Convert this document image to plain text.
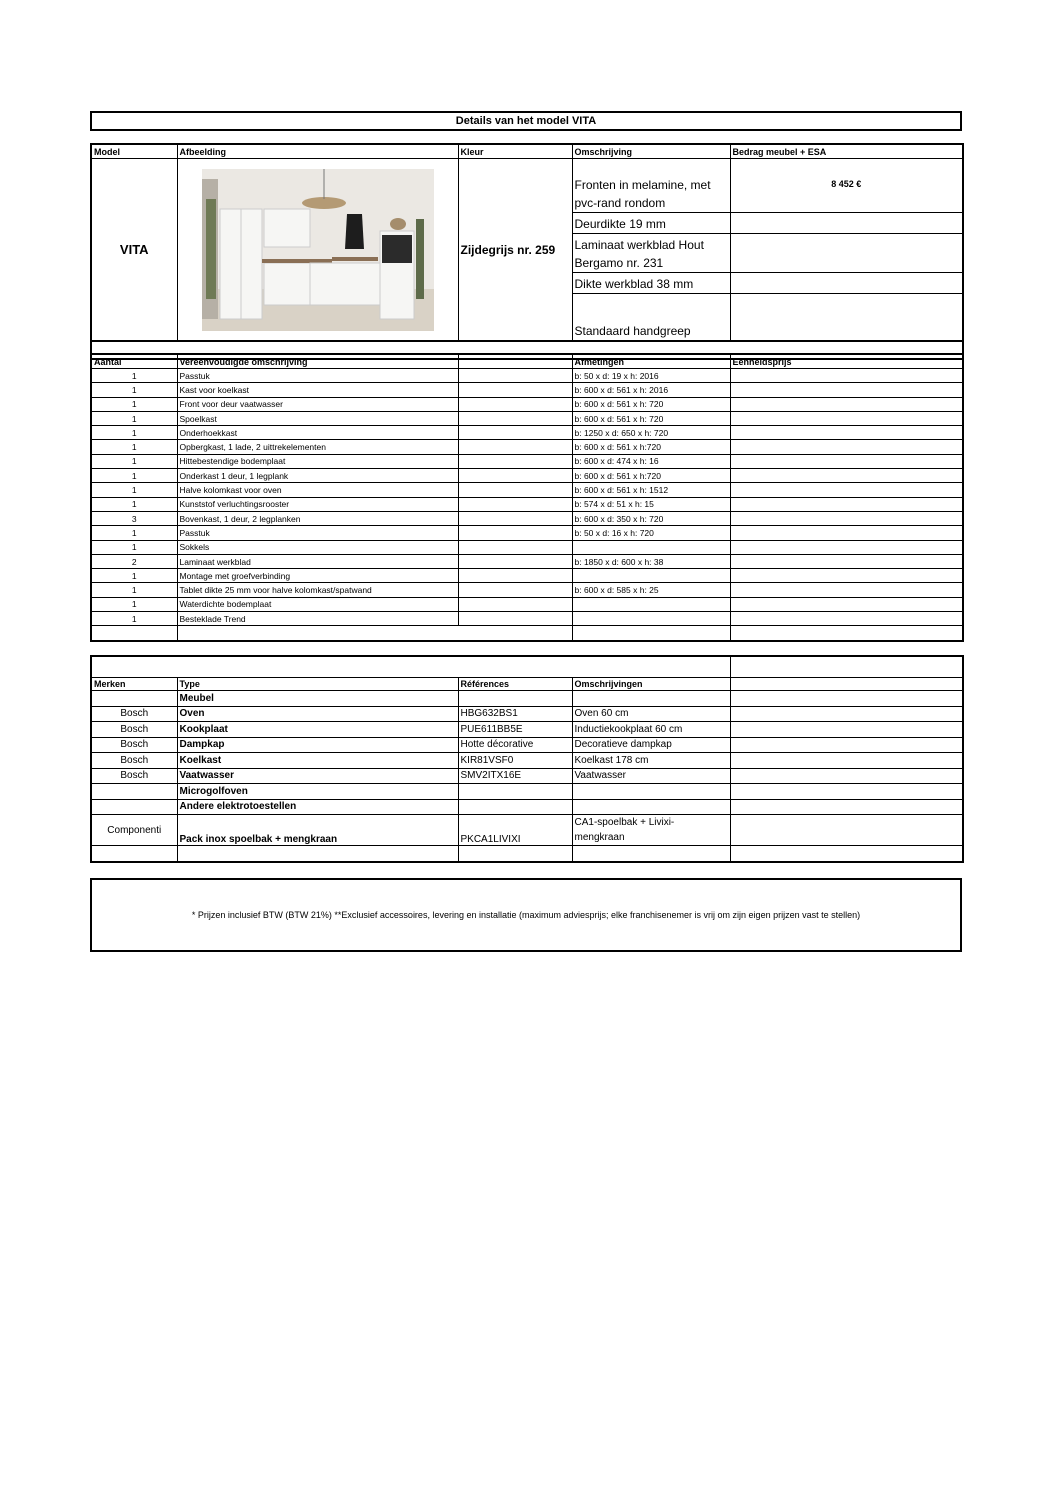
Details van het model VITA
Model	Afbeelding	Kleur	Omschrijving	Bedrag meubel + ESA
VITA		Zijdegrijs nr. 259	Fronten in melamine, met pvc-rand rondom	8 452 €
			Deurdikte 19 mm	
			Laminaat werkblad Hout Bergamo nr. 231	
			Dikte werkblad 38 mm	
			Standaard handgreep	

Aantal	Vereenvoudigde omschrijving		Afmetingen	Eenheidsprijs
1	Passtuk		b: 50 x d: 19 x h: 2016	
1	Kast voor koelkast		b: 600 x d: 561 x h: 2016	
1	Front voor deur vaatwasser		b: 600 x d: 561 x h: 720	
1	Spoelkast		b: 600 x d: 561 x h: 720	
1	Onderhoekkast		b: 1250 x d: 650 x h: 720	
1	Opbergkast, 1 lade, 2 uittrekelementen		b: 600 x d: 561 x h:720	
1	Hittebestendige bodemplaat		b: 600 x d: 474 x h: 16	
1	Onderkast 1 deur, 1 legplank		b: 600 x d: 561 x h:720	
1	Halve kolomkast voor oven		b: 600 x d: 561 x h: 1512	
1	Kunststof verluchtingsrooster		b: 574 x d: 51 x h: 15	
3	Bovenkast, 1 deur, 2 legplanken		b: 600 x d: 350 x h: 720	
1	Passtuk		b: 50 x d: 16 x h: 720	
1	Sokkels			
2	Laminaat werkblad		b: 1850 x d: 600 x h: 38	
1	Montage met groefverbinding			
1	Tablet dikte 25 mm voor halve kolomkast/spatwand		b: 600 x d: 585 x h: 25	
1	Waterdichte bodemplaat			
1	Besteklade Trend			

Merken	Type	Références	Omschrijvingen	
	Meubel			
Bosch	Oven	HBG632BS1	Oven 60 cm	
Bosch	Kookplaat	PUE611BB5E	Inductiekookplaat 60 cm	
Bosch	Dampkap	Hotte décorative	Decoratieve dampkap	
Bosch	Koelkast	KIR81VSF0	Koelkast 178 cm	
Bosch	Vaatwasser	SMV2ITX16E	Vaatwasser	
	Microgolfoven			
	Andere elektrotoestellen			
Componenti	Pack inox spoelbak + mengkraan	PKCA1LIVIXI	CA1-spoelbak + Livixi-
mengkraan	

* Prijzen inclusief BTW (BTW 21%) **Exclusief accessoires, levering en installatie (maximum adviesprijs; elke franchisenemer is vrij om zijn eigen prijzen vast te stellen)
